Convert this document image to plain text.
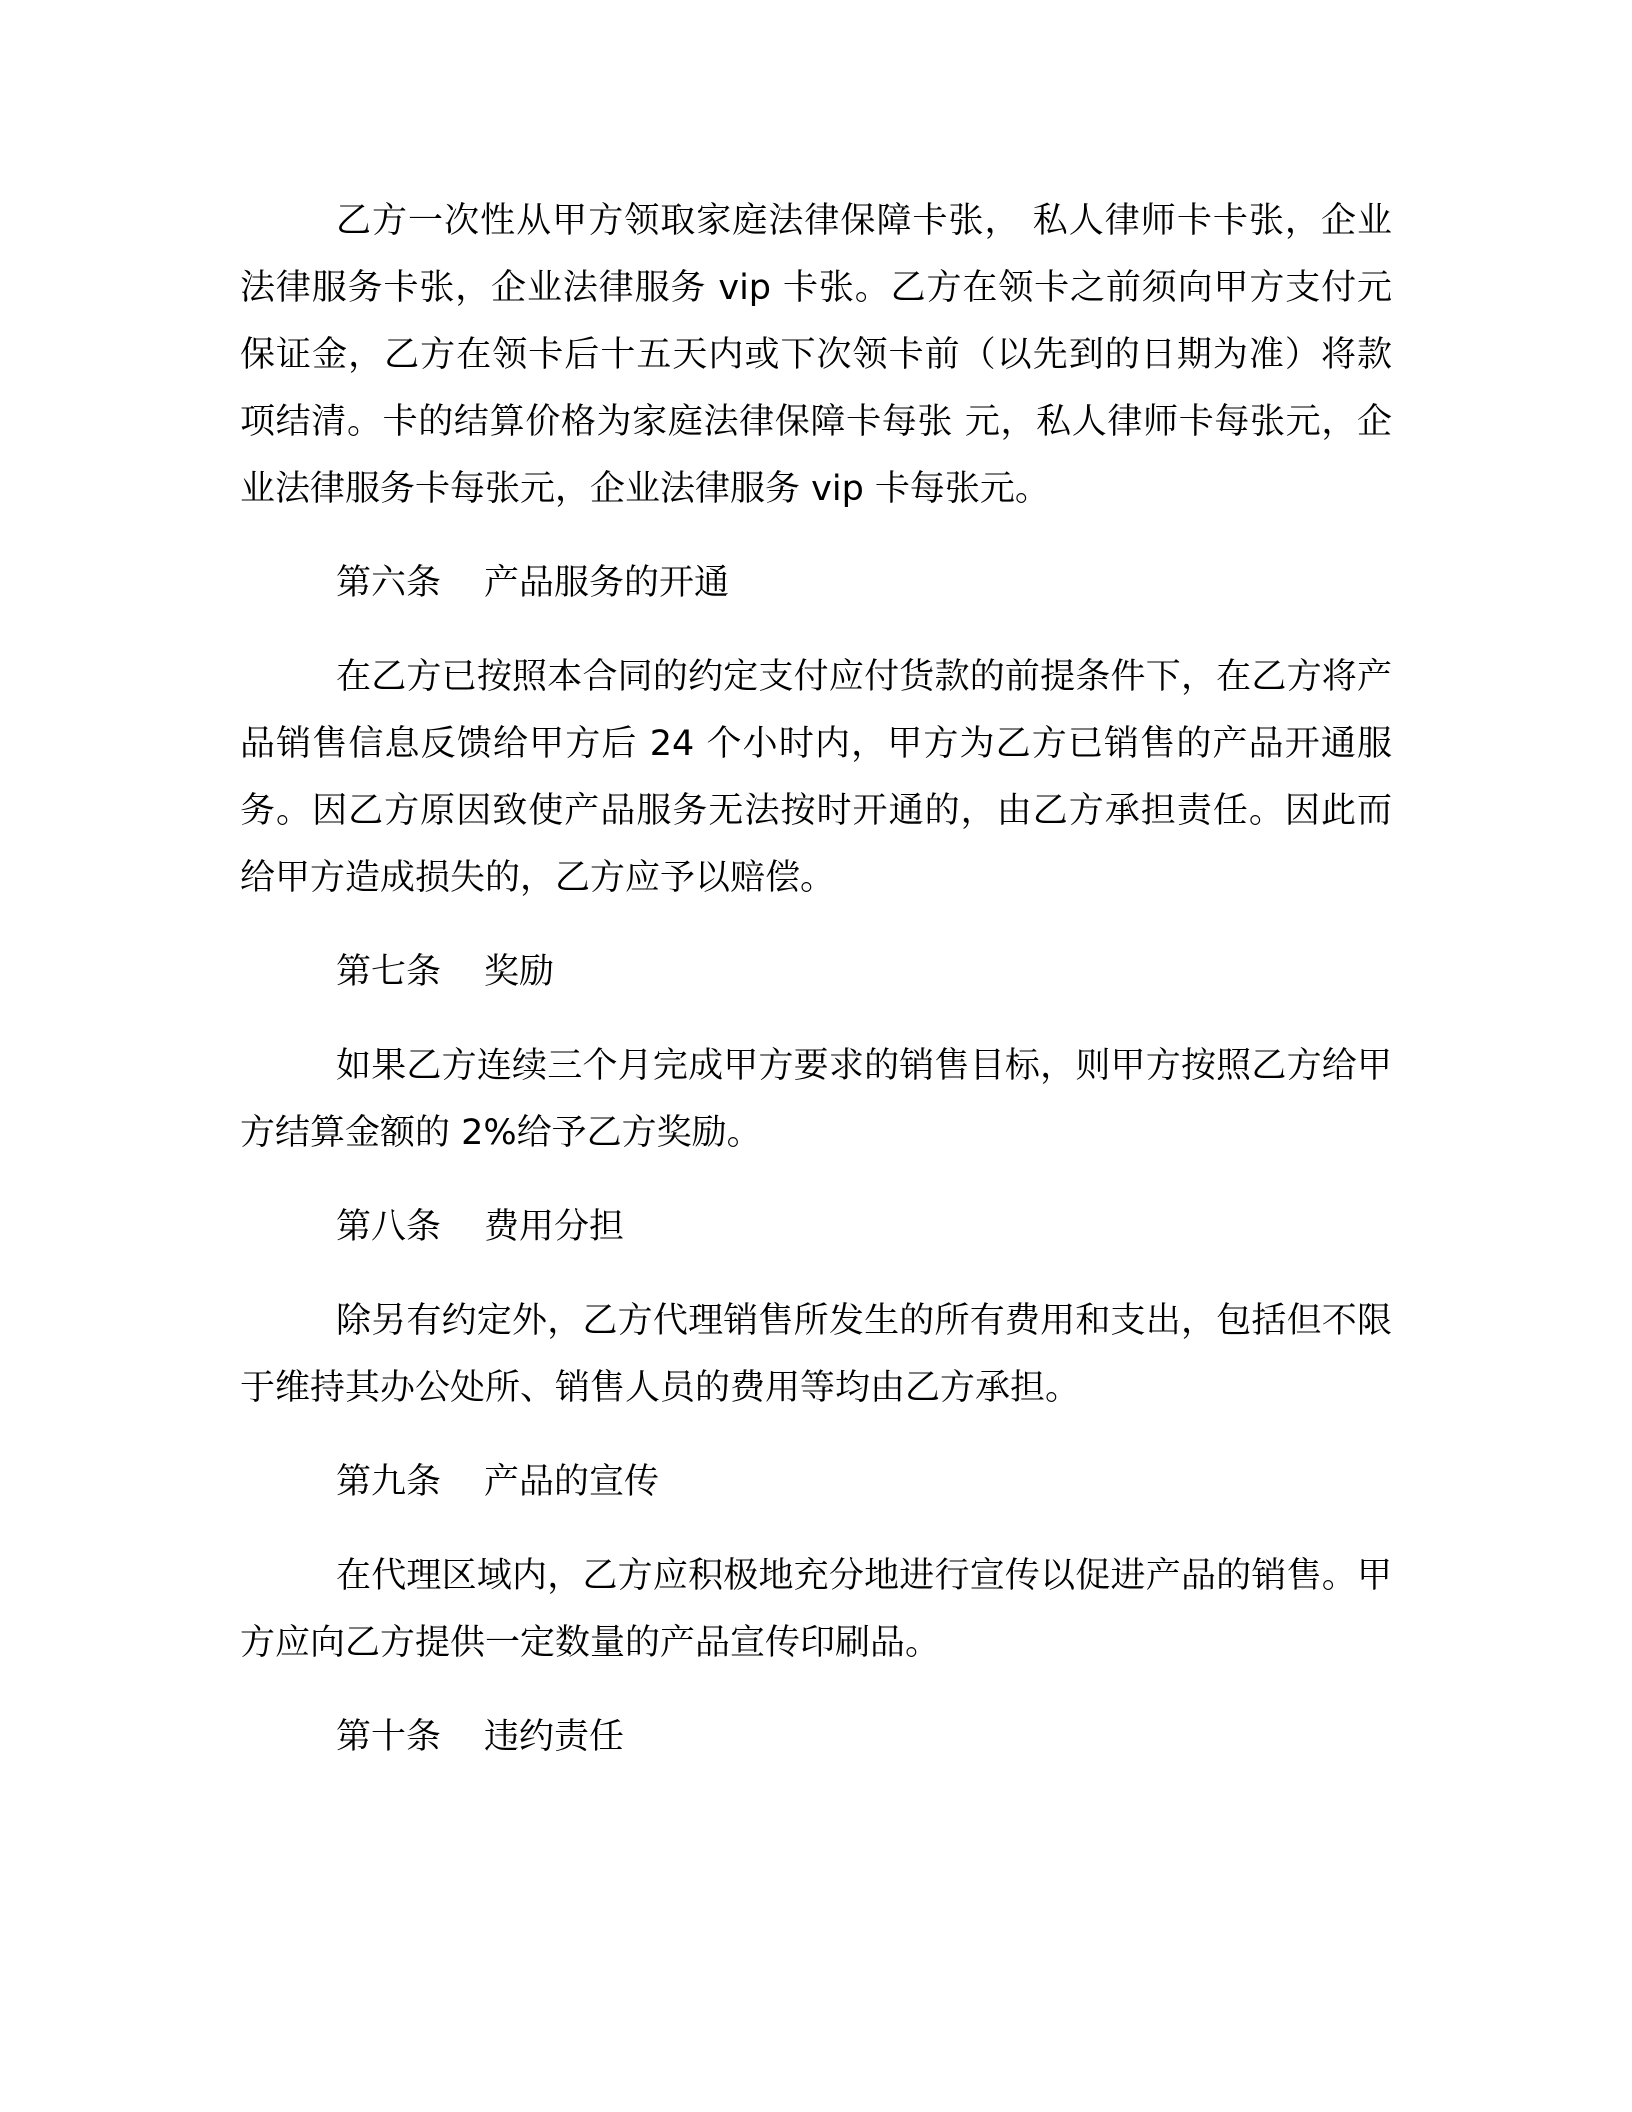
乙方一次性从甲方领取家庭法律保障卡张， 私人律师卡卡张，企业法律服务卡张，企业法律服务 vip 卡张。乙方在领卡之前须向甲方支付元保证金，乙方在领卡后十五天内或下次领卡前（以先到的日期为准）将款项结清。卡的结算价格为家庭法律保障卡每张 元，私人律师卡每张元，企业法律服务卡每张元，企业法律服务 vip 卡每张元。

第六条 产品服务的开通

在乙方已按照本合同的约定支付应付货款的前提条件下，在乙方将产品销售信息反馈给甲方后 24 个小时内，甲方为乙方已销售的产品开通服务。因乙方原因致使产品服务无法按时开通的，由乙方承担责任。因此而给甲方造成损失的，乙方应予以赔偿。

第七条 奖励

如果乙方连续三个月完成甲方要求的销售目标，则甲方按照乙方给甲方结算金额的 2%给予乙方奖励。

第八条 费用分担

除另有约定外，乙方代理销售所发生的所有费用和支出，包括但不限于维持其办公处所、销售人员的费用等均由乙方承担。

第九条 产品的宣传

在代理区域内，乙方应积极地充分地进行宣传以促进产品的销售。甲方应向乙方提供一定数量的产品宣传印刷品。

第十条 违约责任
